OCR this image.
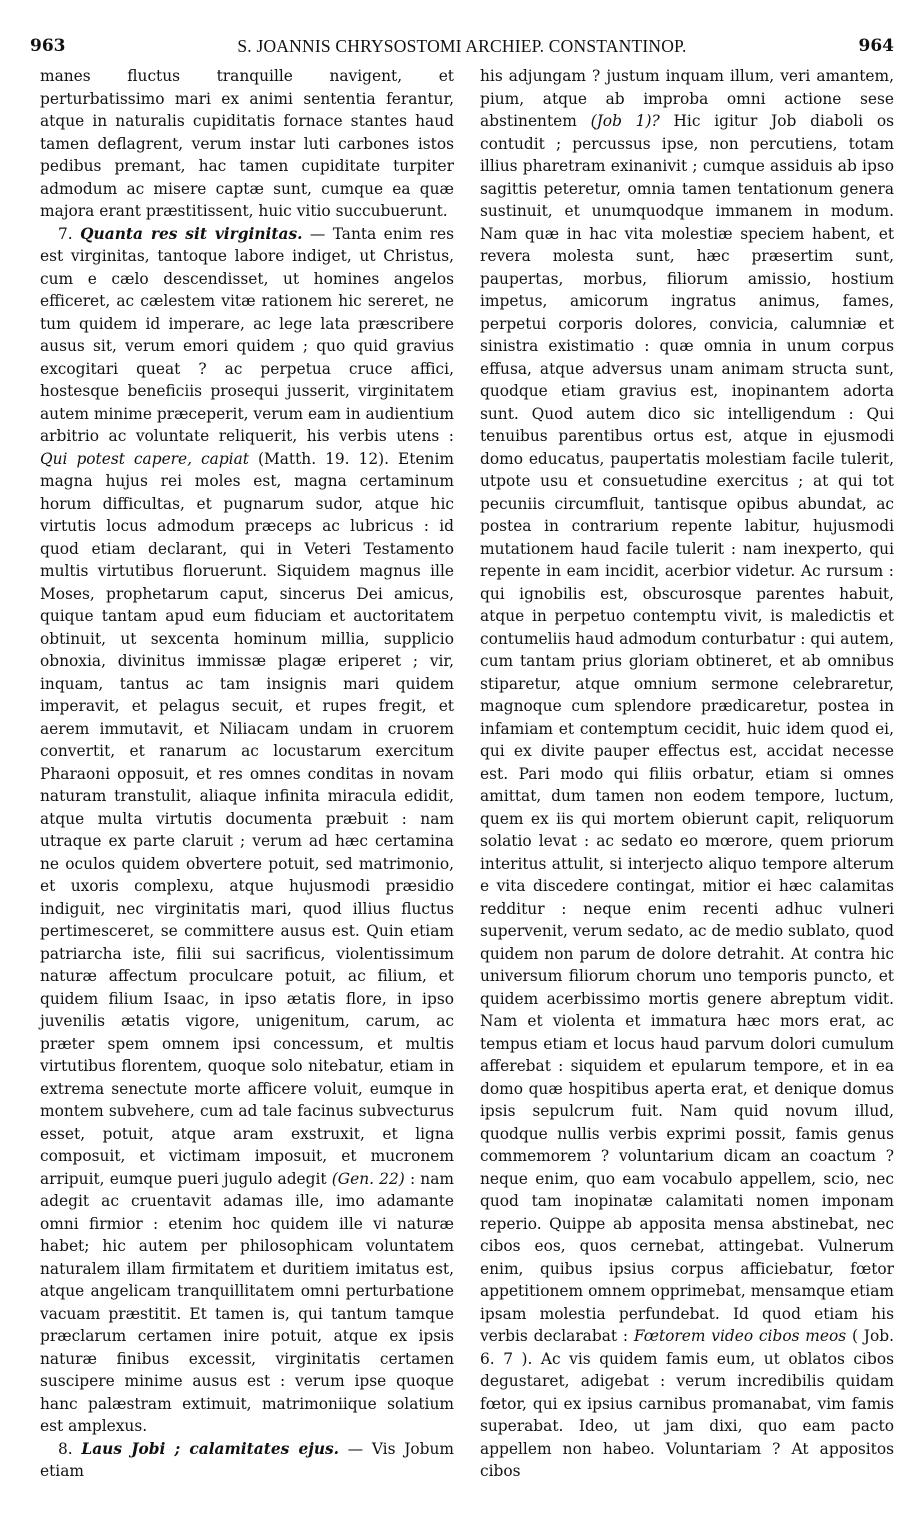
963	S. JOANNIS CHRYSOSTOMI ARCHIEP. CONSTANTINOP.	964

manes fluctus tranquille navigent, et perturbatissimo mari ex animi sententia ferantur, atque in naturalis cupiditatis fornace stantes haud tamen deflagrent, verum instar luti carbones istos pedibus premant, hac tamen cupiditate turpiter admodum ac misere captæ sunt, cumque ea quæ majora erant præstitissent, huic vitio succubuerunt.

7. Quanta res sit virginitas. — Tanta enim res est virginitas, tantoque labore indiget, ut Christus, cum e cælo descendisset, ut homines angelos efficeret, ac cælestem vitæ rationem hic sereret, ne tum quidem id imperare, ac lege lata præscribere ausus sit, verum emori quidem ; quo quid gravius excogitari queat ? ac perpetua cruce affici, hostesque beneficiis prosequi jusserit, virginitatem autem minime præceperit, verum eam in audientium arbitrio ac voluntate reliquerit, his verbis utens : Qui potest capere, capiat (Matth. 19. 12). Etenim magna hujus rei moles est, magna certaminum horum difficultas, et pugnarum sudor, atque hic virtutis locus admodum præceps ac lubricus : id quod etiam declarant, qui in Veteri Testamento multis virtutibus floruerunt. Siquidem magnus ille Moses, prophetarum caput, sincerus Dei amicus, quique tantam apud eum fiduciam et auctoritatem obtinuit, ut sexcenta hominum millia, supplicio obnoxia, divinitus immissæ plagæ eriperet ; vir, inquam, tantus ac tam insignis mari quidem imperavit, et pelagus secuit, et rupes fregit, et aerem immutavit, et Niliacam undam in cruorem convertit, et ranarum ac locustarum exercitum Pharaoni opposuit, et res omnes conditas in novam naturam transtulit, aliaque infinita miracula edidit, atque multa virtutis documenta præbuit : nam utraque ex parte claruit ; verum ad hæc certamina ne oculos quidem obvertere potuit, sed matrimonio, et uxoris complexu, atque hujusmodi præsidio indiguit, nec virginitatis mari, quod illius fluctus pertimesceret, se committere ausus est. Quin etiam patriarcha iste, filii sui sacrificus, violentissimum naturæ affectum proculcare potuit, ac filium, et quidem filium Isaac, in ipso ætatis flore, in ipso juvenilis ætatis vigore, unigenitum, carum, ac præter spem omnem ipsi concessum, et multis virtutibus florentem, quoque solo nitebatur, etiam in extrema senectute morte afficere voluit, eumque in montem subvehere, cum ad tale facinus subvecturus esset, potuit, atque aram exstruxit, et ligna composuit, et victimam imposuit, et mucronem arripuit, eumque pueri jugulo adegit (Gen. 22) : nam adegit ac cruentavit adamas ille, imo adamante omni firmior : etenim hoc quidem ille vi naturæ habet; hic autem per philosophicam voluntatem naturalem illam firmitatem et duritiem imitatus est, atque angelicam tranquillitatem omni perturbatione vacuam præstitit. Et tamen is, qui tantum tamque præclarum certamen inire potuit, atque ex ipsis naturæ finibus excessit, virginitatis certamen suscipere minime ausus est : verum ipse quoque hanc palæstram extimuit, matrimoniique solatium est amplexus.

8. Laus Jobi ; calamitates ejus. — Vis Jobum etiam

his adjungam ? justum inquam illum, veri amantem, pium, atque ab improba omni actione sese abstinentem (Job 1)? Hic igitur Job diaboli os contudit ; percussus ipse, non percutiens, totam illius pharetram exinanivit ; cumque assiduis ab ipso sagittis peteretur, omnia tamen tentationum genera sustinuit, et unumquodque immanem in modum. Nam quæ in hac vita molestiæ speciem habent, et revera molesta sunt, hæc præsertim sunt, paupertas, morbus, filiorum amissio, hostium impetus, amicorum ingratus animus, fames, perpetui corporis dolores, convicia, calumniæ et sinistra existimatio : quæ omnia in unum corpus effusa, atque adversus unam animam structa sunt, quodque etiam gravius est, inopinantem adorta sunt. Quod autem dico sic intelligendum : Qui tenuibus parentibus ortus est, atque in ejusmodi domo educatus, paupertatis molestiam facile tulerit, utpote usu et consuetudine exercitus ; at qui tot pecuniis circumfluit, tantisque opibus abundat, ac postea in contrarium repente labitur, hujusmodi mutationem haud facile tulerit : nam inexperto, qui repente in eam incidit, acerbior videtur. Ac rursum : qui ignobilis est, obscurosque parentes habuit, atque in perpetuo contemptu vivit, is maledictis et contumeliis haud admodum conturbatur : qui autem, cum tantam prius gloriam obtineret, et ab omnibus stiparetur, atque omnium sermone celebraretur, magnoque cum splendore prædicaretur, postea in infamiam et contemptum cecidit, huic idem quod ei, qui ex divite pauper effectus est, accidat necesse est. Pari modo qui filiis orbatur, etiam si omnes amittat, dum tamen non eodem tempore, luctum, quem ex iis qui mortem obierunt capit, reliquorum solatio levat : ac sedato eo mœrore, quem priorum interitus attulit, si interjecto aliquo tempore alterum e vita discedere contingat, mitior ei hæc calamitas redditur : neque enim recenti adhuc vulneri supervenit, verum sedato, ac de medio sublato, quod quidem non parum de dolore detrahit. At contra hic universum filiorum chorum uno temporis puncto, et quidem acerbissimo mortis genere abreptum vidit. Nam et violenta et immatura hæc mors erat, ac tempus etiam et locus haud parvum dolori cumulum afferebat : siquidem et epularum tempore, et in ea domo quæ hospitibus aperta erat, et denique domus ipsis sepulcrum fuit. Nam quid novum illud, quodque nullis verbis exprimi possit, famis genus commemorem ? voluntarium dicam an coactum ? neque enim, quo eam vocabulo appellem, scio, nec quod tam inopinatæ calamitati nomen imponam reperio. Quippe ab apposita mensa abstinebat, nec cibos eos, quos cernebat, attingebat. Vulnerum enim, quibus ipsius corpus afficiebatur, fœtor appetitionem omnem opprimebat, mensamque etiam ipsam molestia perfundebat. Id quod etiam his verbis declarabat : Fœtorem video cibos meos ( Job. 6. 7 ). Ac vis quidem famis eum, ut oblatos cibos degustaret, adigebat : verum incredibilis quidam fœtor, qui ex ipsius carnibus promanabat, vim famis superabat. Ideo, ut jam dixi, quo eam pacto appellem non habeo. Voluntariam ? At appositos cibos
